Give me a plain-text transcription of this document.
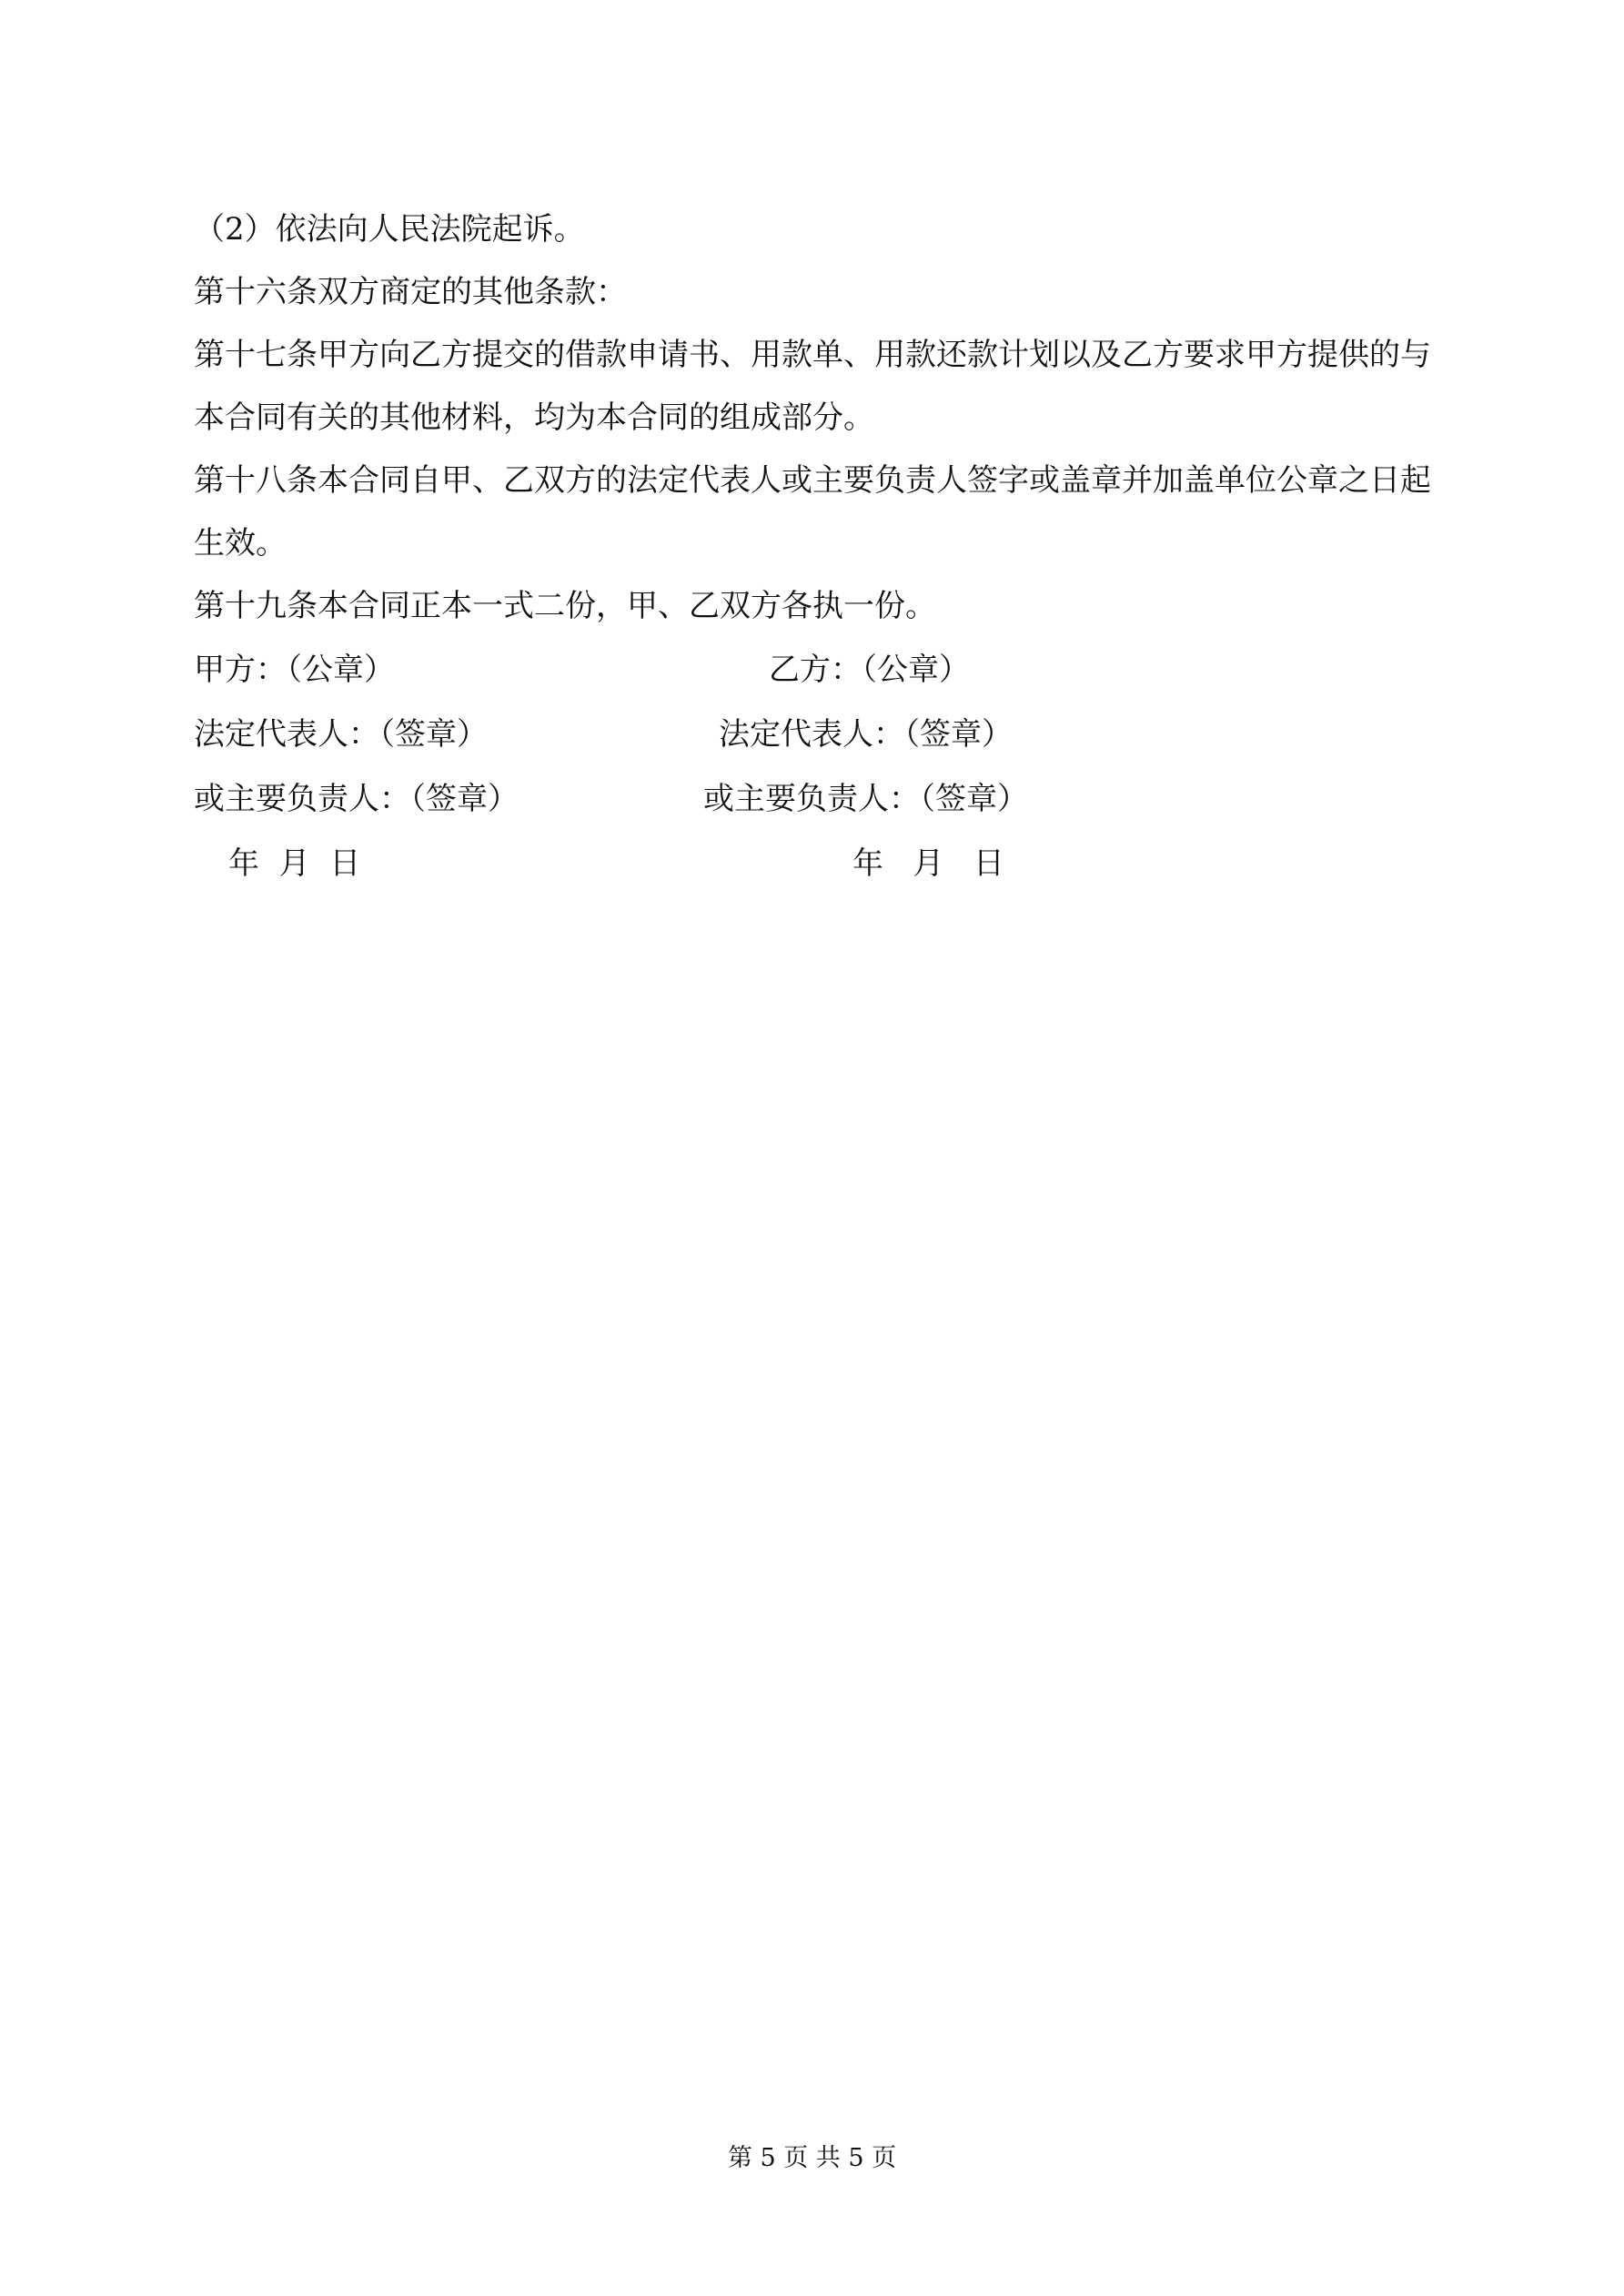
（2）依法向人民法院起诉。

第十六条双方商定的其他条款：

第十七条甲方向乙方提交的借款申请书、用款单、用款还款计划以及乙方要求甲方提供的与本合同有关的其他材料，均为本合同的组成部分。

第十八条本合同自甲、乙双方的法定代表人或主要负责人签字或盖章并加盖单位公章之日起生效。

第十九条本合同正本一式二份，甲、乙双方各执一份。

甲方：（公章）	乙方：（公章）
法定代表人：（签章）	法定代表人：（签章）
或主要负责人：（签章）	或主要负责人：（签章）
年  月  日	年   月   日
第 5 页 共 5 页
